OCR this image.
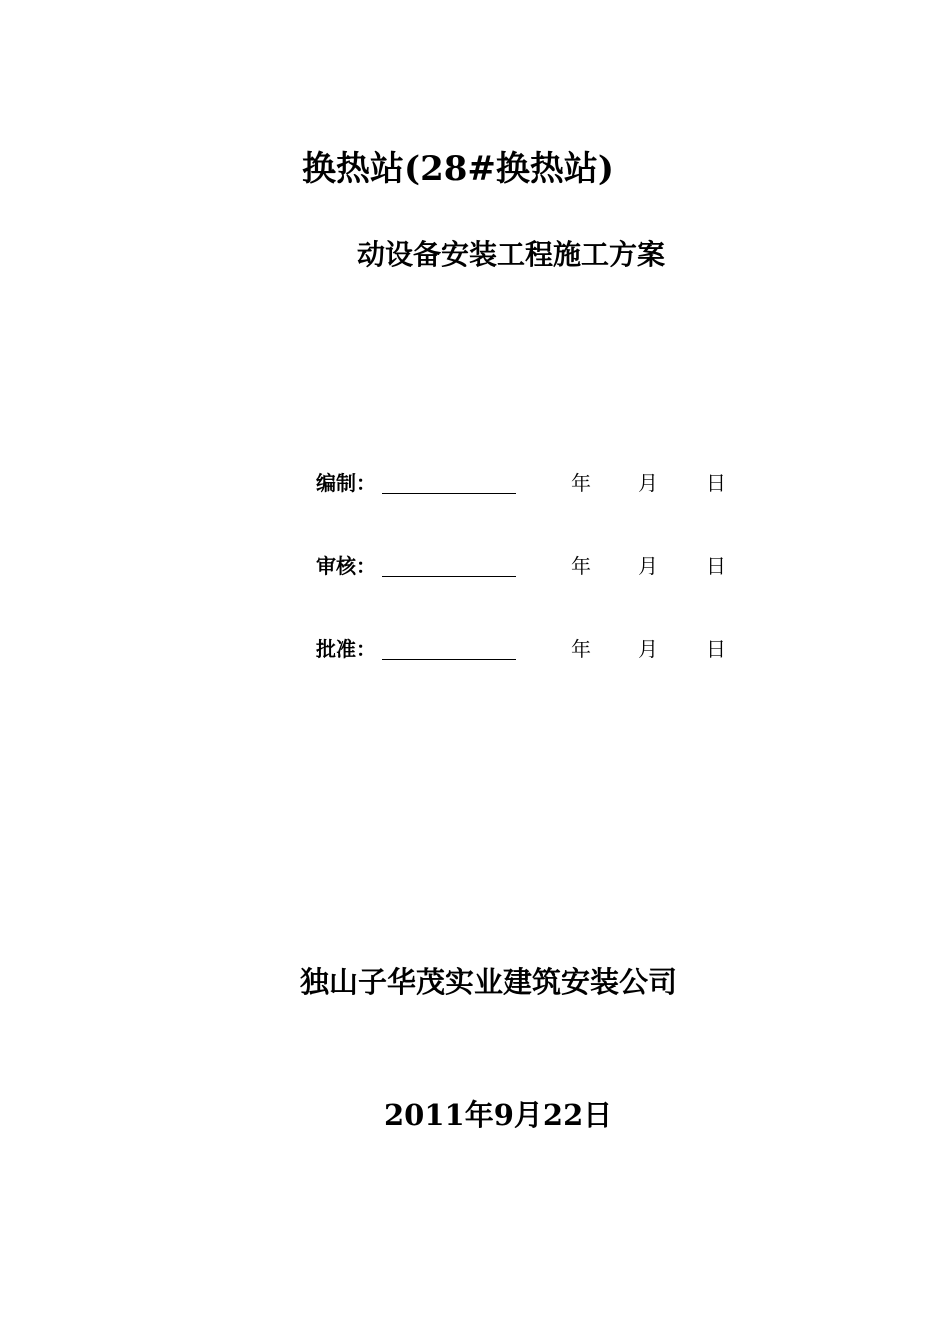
换热站(28#换热站)
动设备安装工程施工方案
编制：	年 月 日
审核：	年 月 日
批准：	年 月 日
独山子华茂实业建筑安装公司
2011年9月22日
